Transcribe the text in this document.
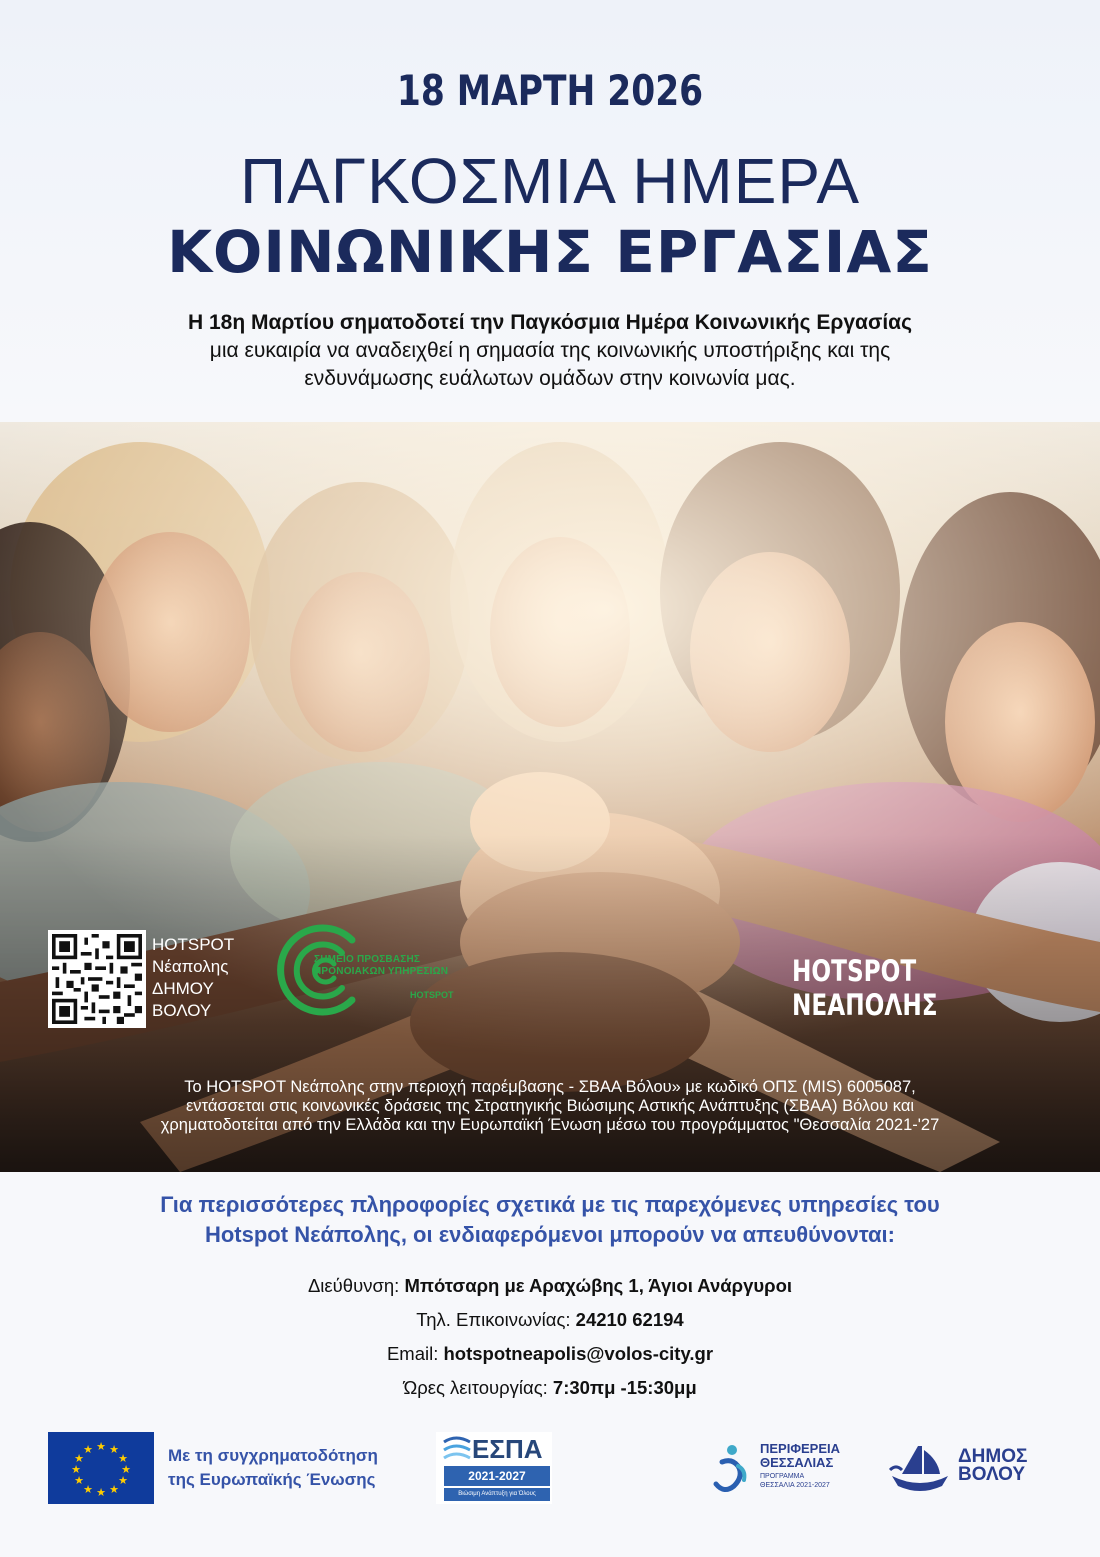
18 ΜΑΡΤΗ 2026
ΠΑΓΚΟΣΜΙΑ ΗΜΕΡΑ
ΚΟΙΝΩΝΙΚΗΣ ΕΡΓΑΣΙΑΣ
Η 18η Μαρτίου σηματοδοτεί την Παγκόσμια Ημέρα Κοινωνικής Εργασίας
μια ευκαιρία να αναδειχθεί η σημασία της κοινωνικής υποστήριξης και της
ενδυνάμωσης ευάλωτων ομάδων στην κοινωνία μας.
HOTSPOT
Νέαπολης
ΔΗΜΟΥ
ΒΟΛΟΥ
ΣΗΜΕΙΟ ΠΡΟΣΒΑΣΗΣ
ΠΡΟΝΟΙΑΚΩΝ ΥΠΗΡΕΣΙΩΝ
HOTSPOT
HOTSPOT ΝΕΑΠΟΛΗΣ
Το HOTSPOT Νεάπολης στην περιοχή παρέμβασης - ΣΒΑΑ Βόλου» με κωδικό ΟΠΣ (MIS) 6005087,
εντάσσεται στις κοινωνικές δράσεις της Στρατηγικής Βιώσιμης Αστικής Ανάπτυξης (ΣΒΑΑ) Βόλου και
χρηματοδοτείται από την Ελλάδα και την Ευρωπαϊκή Ένωση μέσω του προγράμματος "Θεσσαλία 2021-'27
Για περισσότερες πληροφορίες σχετικά με τις παρεχόμενες υπηρεσίες του
Hotspot Νεάπολης, οι ενδιαφερόμενοι μπορούν να απευθύνονται:
Διεύθυνση: Μπότσαρη με Αραχώβης 1, Άγιοι Ανάργυροι
Τηλ. Επικοινωνίας: 24210 62194
Email: hotspotneapolis@volos-city.gr
Ώρες λειτουργίας: 7:30πμ -15:30μμ
★ ★
★
★
★
★
★
★
★
★
★
★	Με τη συγχρηματοδότηση
της Ευρωπαϊκής Ένωσης
ΕΣΠΑ
2021-2027
Βιώσιμη Ανάπτυξη για Όλους
ΠΕΡΙΦΕΡΕΙΑ
ΘΕΣΣΑΛΙΑΣ
ΠΡΟΓΡΑΜΜΑ
ΘΕΣΣΑΛΙΑ 2021-2027
ΔΗΜΟΣ
ΒΟΛΟΥ
